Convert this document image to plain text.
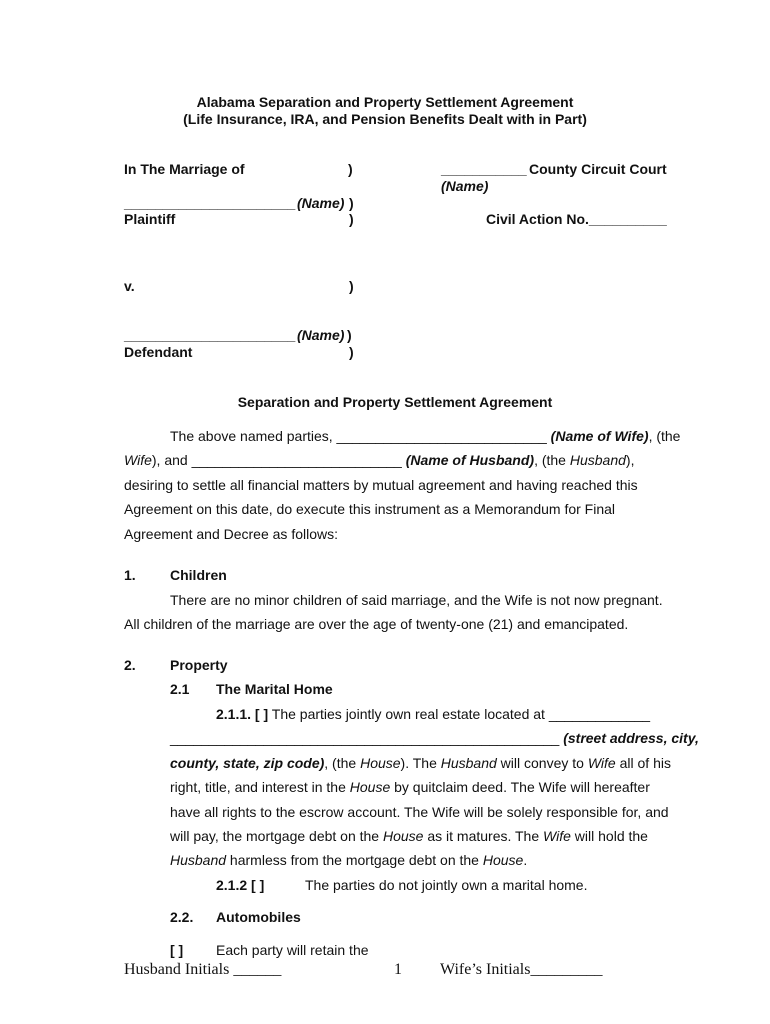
Alabama Separation and Property Settlement Agreement
(Life Insurance, IRA, and Pension Benefits Dealt with in Part)
In The Marriage of	)	___________ County Circuit Court
(Name)
______________________ (Name) )
Plaintiff	)	Civil Action No.__________
v.	)
______________________ (Name) )
Defendant	)
Separation and Property Settlement Agreement
The above named parties, ___________________________ (Name of Wife), (the
Wife), and ___________________________ (Name of Husband), (the Husband),
desiring to settle all financial matters by mutual agreement and having reached this
Agreement on this date, do execute this instrument as a Memorandum for Final
Agreement and Decree as follows:
1. Children
There are no minor children of said marriage, and the Wife is not now pregnant.
All children of the marriage are over the age of twenty-one (21) and emancipated.
2. Property
2.1 The Marital Home
2.1.1. [ ] The parties jointly own real estate located at _____________
__________________________________________________ (street address, city,
county, state, zip code), (the House). The Husband will convey to Wife all of his
right, title, and interest in the House by quitclaim deed. The Wife will hereafter
have all rights to the escrow account. The Wife will be solely responsible for, and
will pay, the mortgage debt on the House as it matures. The Wife will hold the
Husband harmless from the mortgage debt on the House.
2.1.2 [ ]	The parties do not jointly own a marital home.
2.2. Automobiles
[ ] Each party will retain the
Husband Initials ______	1 Wife’s Initials_________
